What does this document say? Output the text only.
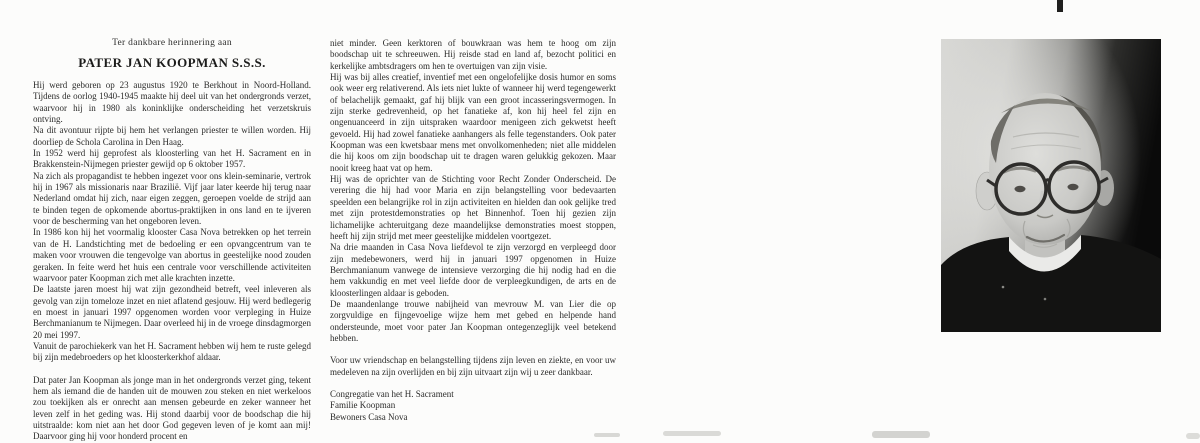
Ter dankbare herinnering aan

PATER JAN KOOPMAN S.S.S.

Hij werd geboren op 23 augustus 1920 te Berkhout in Noord-Holland. Tijdens de oorlog 1940-1945 maakte hij deel uit van het ondergronds verzet, waarvoor hij in 1980 als koninklijke onderscheiding het verzetskruis ontving.

Na dit avontuur rijpte bij hem het verlangen priester te willen worden. Hij doorliep de Schola Carolina in Den Haag.

In 1952 werd hij geprofest als kloosterling van het H. Sacrament en in Brakkenstein-Nijmegen priester gewijd op 6 oktober 1957.

Na zich als propagandist te hebben ingezet voor ons klein-seminarie, vertrok hij in 1967 als missionaris naar Brazilië. Vijf jaar later keerde hij terug naar Nederland omdat hij zich, naar eigen zeggen, geroepen voelde de strijd aan te binden tegen de opkomende abortus-praktijken in ons land en te ijveren voor de bescherming van het ongeboren leven.

In 1986 kon hij het voormalig klooster Casa Nova betrekken op het terrein van de H. Landstichting met de bedoeling er een opvangcentrum van te maken voor vrouwen die tengevolge van abortus in geestelijke nood zouden geraken. In feite werd het huis een centrale voor verschillende activiteiten waarvoor pater Koopman zich met alle krachten inzette.

De laatste jaren moest hij wat zijn gezondheid betreft, veel inleveren als gevolg van zijn tomeloze inzet en niet aflatend gesjouw. Hij werd bedlegerig en moest in januari 1997 opgenomen worden voor verpleging in Huize Berchmanianum te Nijmegen. Daar overleed hij in de vroege dinsdagmorgen 20 mei 1997.

Vanuit de parochiekerk van het H. Sacrament hebben wij hem te ruste gelegd bij zijn medebroeders op het kloosterkerkhof aldaar.

Dat pater Jan Koopman als jonge man in het ondergronds verzet ging, tekent hem als iemand die de handen uit de mouwen zou steken en niet werkeloos zou toekijken als er onrecht aan mensen gebeurde en zeker wanneer het leven zelf in het geding was. Hij stond daarbij voor de boodschap die hij uitstraalde: kom niet aan het door God gegeven leven of je komt aan mij! Daarvoor ging hij voor honderd procent en

niet minder. Geen kerktoren of bouwkraan was hem te hoog om zijn boodschap uit te schreeuwen. Hij reisde stad en land af, bezocht politici en kerkelijke ambtsdragers om hen te overtuigen van zijn visie.

Hij was bij alles creatief, inventief met een ongelofelijke dosis humor en soms ook weer erg relativerend. Als iets niet lukte of wanneer hij werd tegengewerkt of belachelijk gemaakt, gaf hij blijk van een groot incasseringsvermogen. In zijn sterke gedrevenheid, op het fanatieke af, kon hij heel fel zijn en ongenuanceerd in zijn uitspraken waardoor menigeen zich gekwetst heeft gevoeld. Hij had zowel fanatieke aanhangers als felle tegenstanders. Ook pater Koopman was een kwetsbaar mens met onvolkomenheden; niet alle middelen die hij koos om zijn boodschap uit te dragen waren gelukkig gekozen. Maar nooit kreeg haat vat op hem.

Hij was de oprichter van de Stichting voor Recht Zonder Onderscheid. De verering die hij had voor Maria en zijn belangstelling voor bedevaarten speelden een belangrijke rol in zijn activiteiten en hielden dan ook gelijke tred met zijn protestdemonstraties op het Binnenhof. Toen hij gezien zijn lichamelijke achteruitgang deze maandelijkse demonstraties moest stoppen, heeft hij zijn strijd met meer geestelijke middelen voortgezet.

Na drie maanden in Casa Nova liefdevol te zijn verzorgd en verpleegd door zijn medebewoners, werd hij in januari 1997 opgenomen in Huize Berchmanianum vanwege de intensieve verzorging die hij nodig had en die hem vakkundig en met veel liefde door de verpleegkundigen, de arts en de kloosterlingen aldaar is geboden.

De maandenlange trouwe nabijheid van mevrouw M. van Lier die op zorgvuldige en fijngevoelige wijze hem met gebed en helpende hand ondersteunde, moet voor pater Jan Koopman ontegenzeglijk veel betekend hebben.

Voor uw vriendschap en belangstelling tijdens zijn leven en ziekte, en voor uw medeleven na zijn overlijden en bij zijn uitvaart zijn wij u zeer dankbaar.

Congregatie van het H. Sacrament

Familie Koopman

Bewoners Casa Nova
